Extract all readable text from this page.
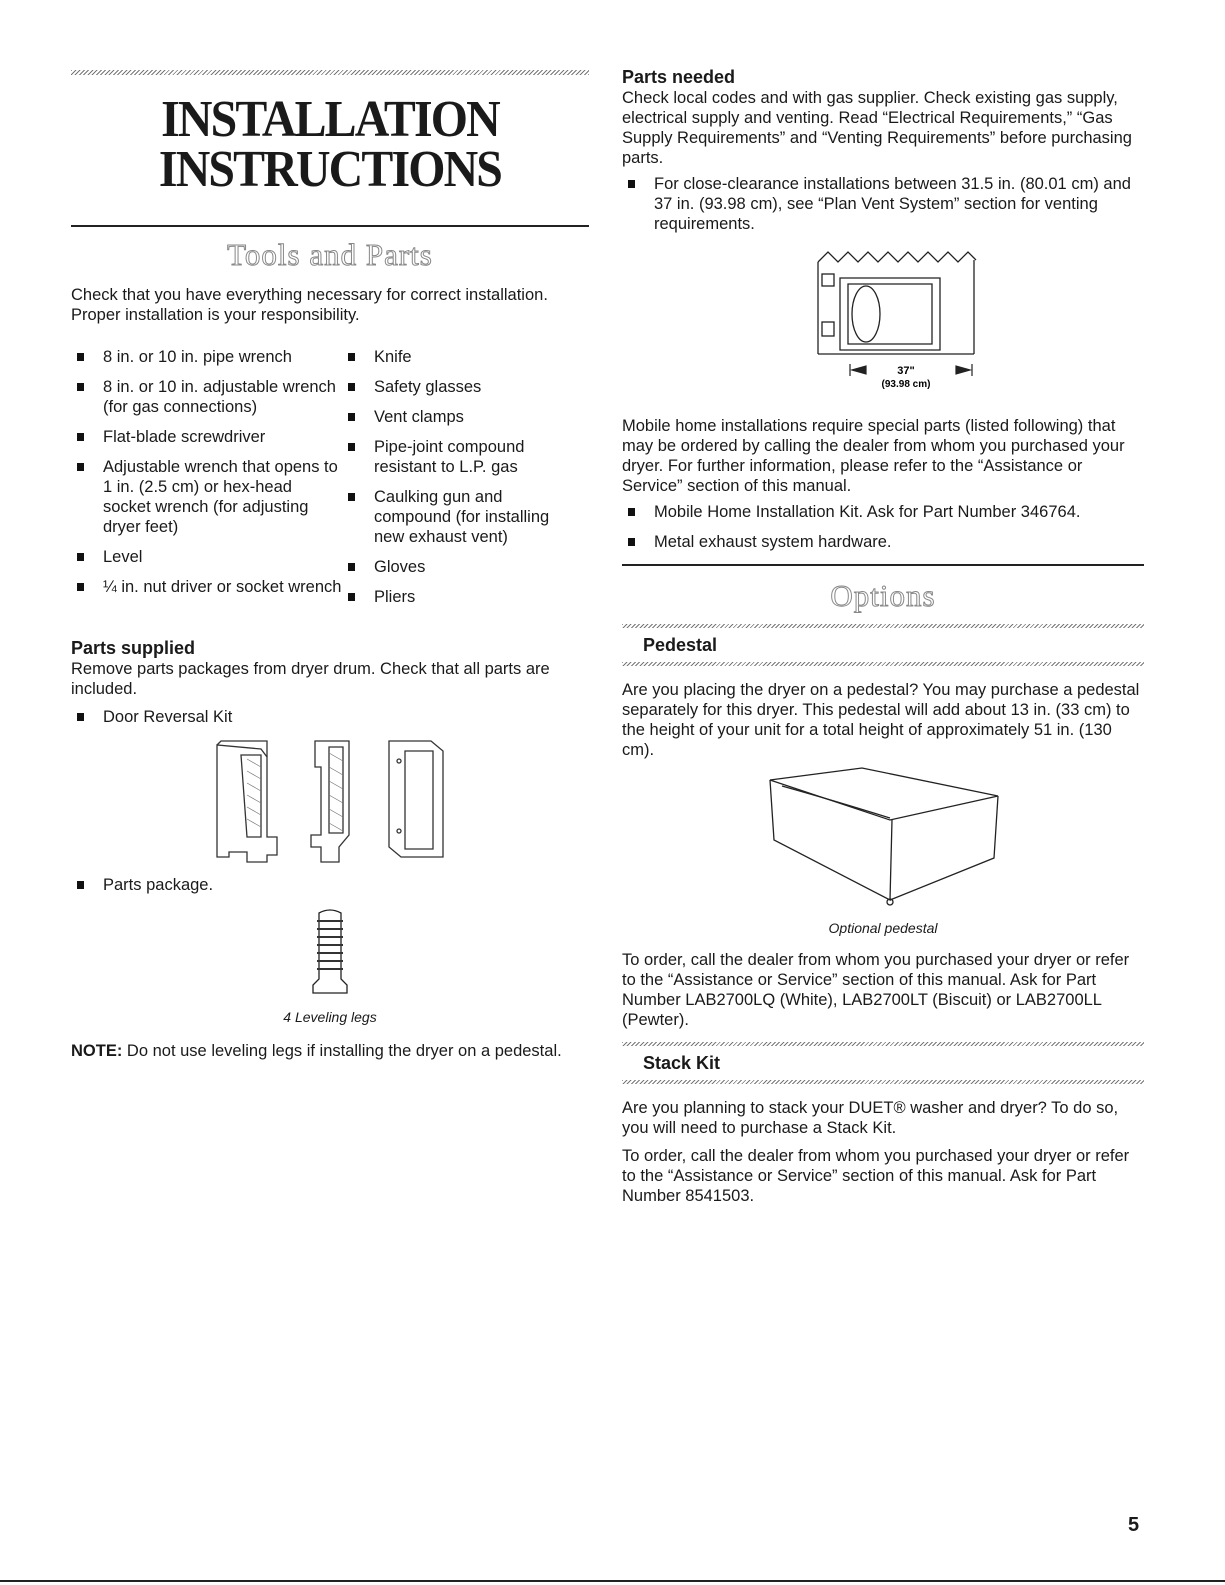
INSTALLATION
INSTRUCTIONS
Tools and Parts

Check that you have everything necessary for correct installation. Proper installation is your responsibility.

8 in. or 10 in. pipe wrench
8 in. or 10 in. adjustable wrench (for gas connections)
Flat-blade screwdriver
Adjustable wrench that opens to 1 in. (2.5 cm) or hex-head socket wrench (for adjusting dryer feet)
Level
¼ in. nut driver or socket wrench
Knife
Safety glasses
Vent clamps
Pipe-joint compound resistant to L.P. gas
Caulking gun and compound (for installing new exhaust vent)
Gloves
Pliers
Parts supplied

Remove parts packages from dryer drum. Check that all parts are included.

Door Reversal Kit
Parts package.
4 Leveling legs

NOTE: Do not use leveling legs if installing the dryer on a pedestal.

Parts needed

Check local codes and with gas supplier. Check existing gas supply, electrical supply and venting. Read “Electrical Requirements,” “Gas Supply Requirements” and “Venting Requirements” before purchasing parts.

For close-clearance installations between 31.5 in. (80.01 cm) and 37 in. (93.98 cm), see “Plan Vent System” section for venting requirements.
37"
(93.98 cm)

Mobile home installations require special parts (listed following) that may be ordered by calling the dealer from whom you purchased your dryer. For further information, please refer to the “Assistance or Service” section of this manual.

Mobile Home Installation Kit. Ask for Part Number 346764.
Metal exhaust system hardware.
Options
Pedestal

Are you placing the dryer on a pedestal? You may purchase a pedestal separately for this dryer. This pedestal will add about 13 in. (33 cm) to the height of your unit for a total height of approximately 51 in. (130 cm).

Optional pedestal

To order, call the dealer from whom you purchased your dryer or refer to the “Assistance or Service” section of this manual. Ask for Part Number LAB2700LQ (White), LAB2700LT (Biscuit) or LAB2700LL (Pewter).

Stack Kit

Are you planning to stack your DUET® washer and dryer? To do so, you will need to purchase a Stack Kit.

To order, call the dealer from whom you purchased your dryer or refer to the “Assistance or Service” section of this manual. Ask for Part Number 8541503.

5
